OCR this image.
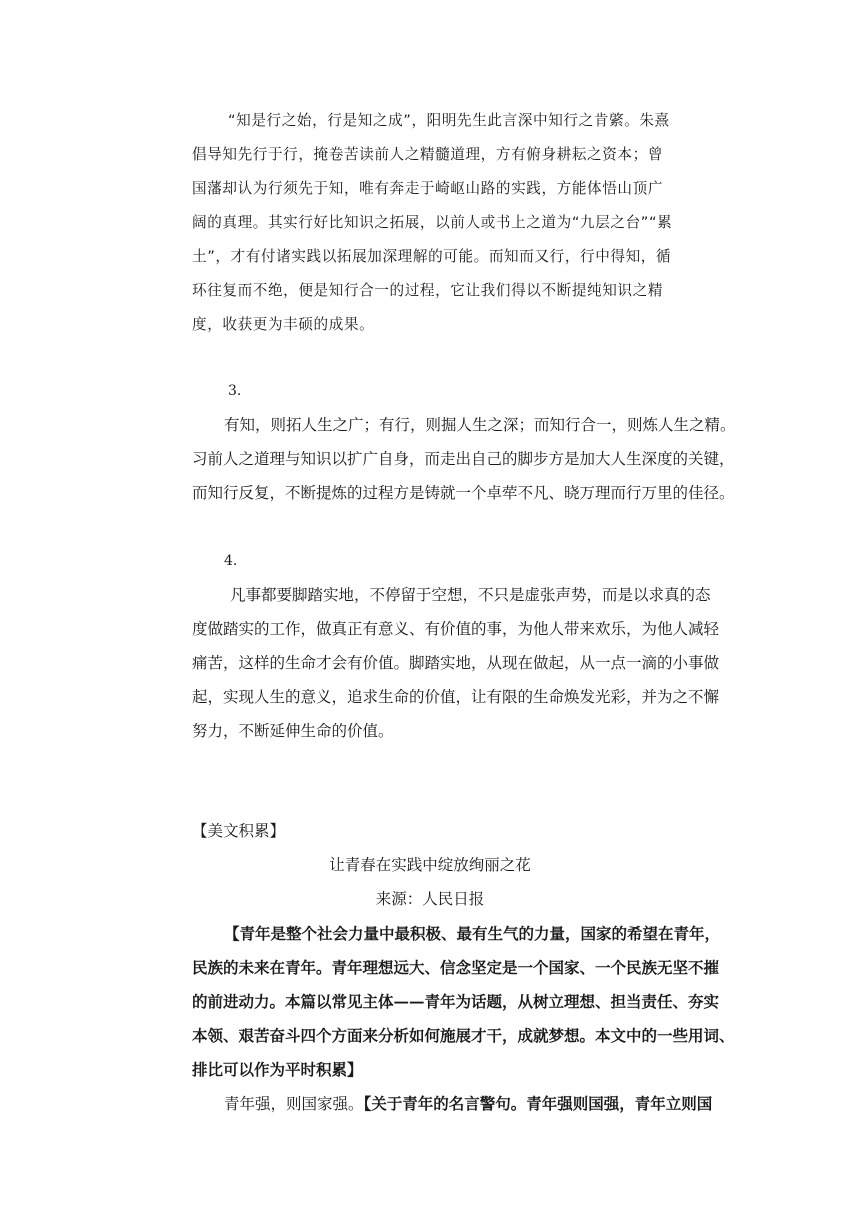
“知是行之始，行是知之成”，阳明先生此言深中知行之肯綮。朱熹
倡导知先行于行，掩卷苦读前人之精髓道理，方有俯身耕耘之资本；曾
国藩却认为行须先于知，唯有奔走于崎岖山路的实践，方能体悟山顶广
阔的真理。其实行好比知识之拓展，以前人或书上之道为“九层之台”“累
土”，才有付诸实践以拓展加深理解的可能。而知而又行，行中得知，循
环往复而不绝，便是知行合一的过程，它让我们得以不断提纯知识之精
度，收获更为丰硕的成果。
3.
有知，则拓人生之广；有行，则掘人生之深；而知行合一，则炼人生之精。
习前人之道理与知识以扩广自身，而走出自己的脚步方是加大人生深度的关键，
而知行反复，不断提炼的过程方是铸就一个卓荦不凡、晓万理而行万里的佳径。
4.
凡事都要脚踏实地，不停留于空想，不只是虚张声势，而是以求真的态
度做踏实的工作，做真正有意义、有价值的事，为他人带来欢乐，为他人减轻
痛苦，这样的生命才会有价值。脚踏实地，从现在做起，从一点一滴的小事做
起，实现人生的意义，追求生命的价值，让有限的生命焕发光彩，并为之不懈
努力，不断延伸生命的价值。
【美文积累】
让青春在实践中绽放绚丽之花
来源：人民日报
【青年是整个社会力量中最积极、最有生气的力量，国家的希望在青年，
民族的未来在青年。青年理想远大、信念坚定是一个国家、一个民族无坚不摧
的前进动力。本篇以常见主体——青年为话题，从树立理想、担当责任、夯实
本领、艰苦奋斗四个方面来分析如何施展才干，成就梦想。本文中的一些用词、
排比可以作为平时积累】
青年强，则国家强。【关于青年的名言警句。青年强则国强，青年立则国
